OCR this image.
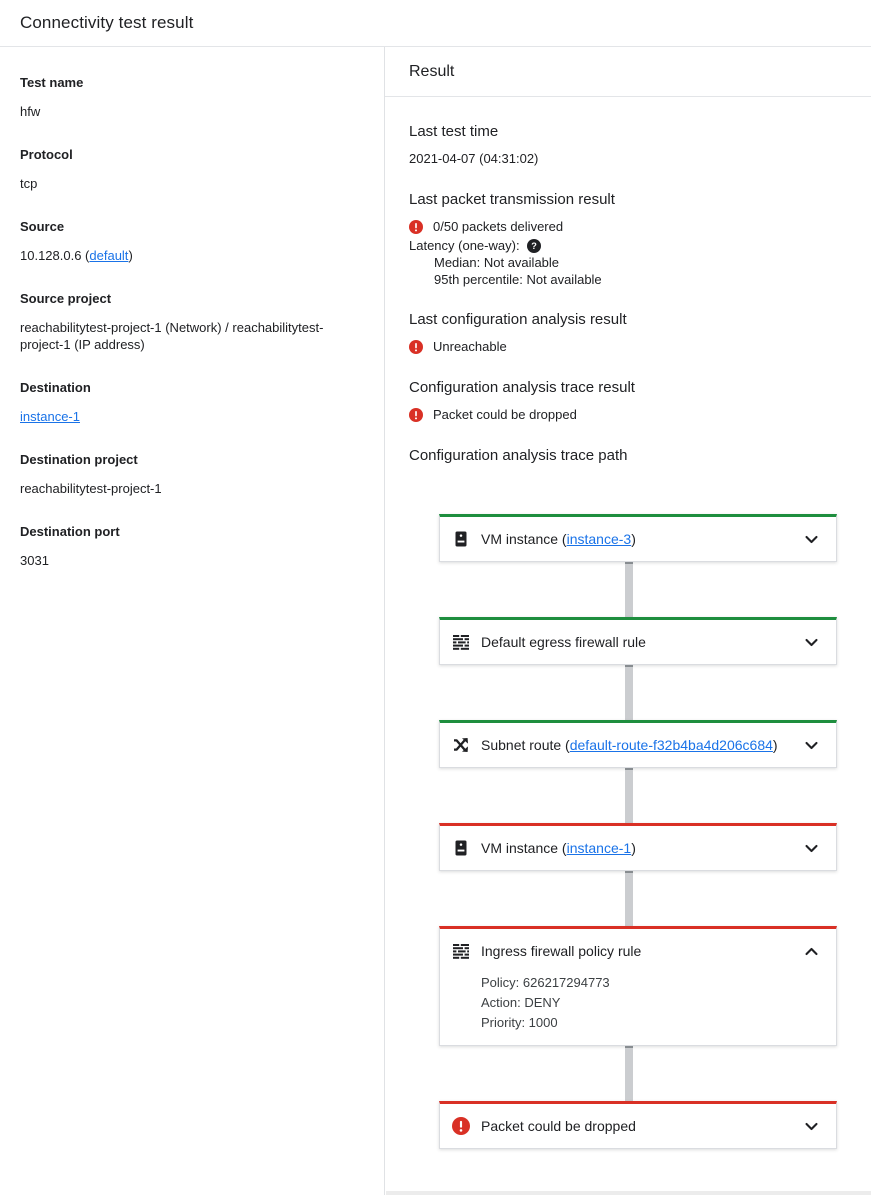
Connectivity test result
Test name
hfw
Protocol
tcp
Source
10.128.0.6 (default)
Source project
reachabilitytest-project-1 (Network) / reachabilitytest-project-1 (IP address)
Destination
instance-1
Destination project
reachabilitytest-project-1
Destination port
3031
Result
Last test time
2021-04-07 (04:31:02)
Last packet transmission result
0/50 packets delivered
Latency (one-way): ?
Median: Not available
95th percentile: Not available
Last configuration analysis result
Unreachable
Configuration analysis trace result
Packet could be dropped
Configuration analysis trace path
VM instance (instance-3)
Default egress firewall rule
Subnet route (default-route-f32b4ba4d206c684)
VM instance (instance-1)
Ingress firewall policy rule
Policy: 626217294773
Action: DENY
Priority: 1000
Packet could be dropped
